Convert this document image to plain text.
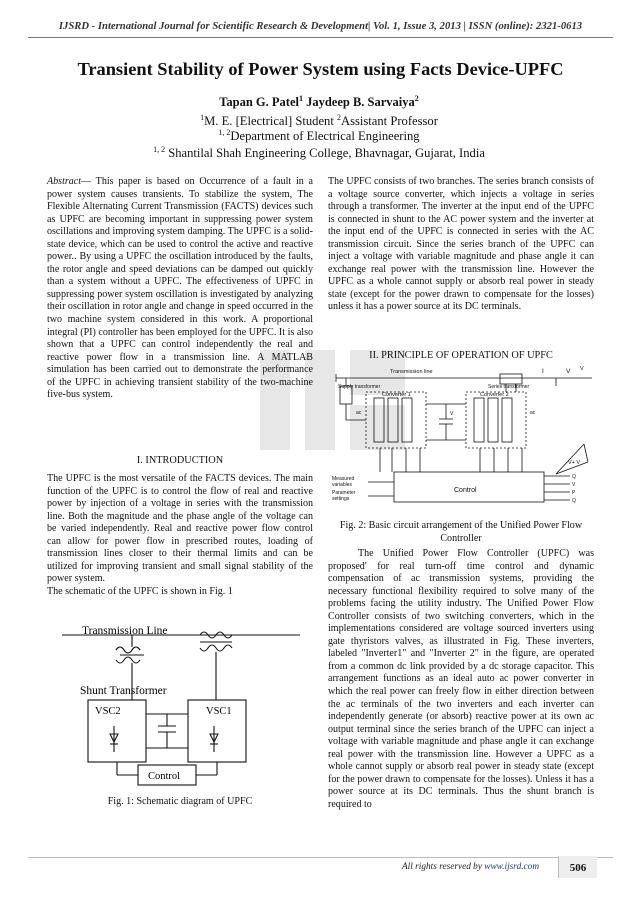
IJSRD - International Journal for Scientific Research & Development| Vol. 1, Issue 3, 2013 | ISSN (online): 2321-0613
Transient Stability of Power System using Facts Device-UPFC
Tapan G. Patel$^1$ Jaydeep B. Sarvaiya$^2$
$^1$M. E. [Electrical] Student $^2$Assistant Professor
$^{1, 2}$Department of Electrical Engineering
$^{1, 2}$ Shantilal Shah Engineering College, Bhavnagar, Gujarat, India

Abstract— This paper is based on Occurrence of a fault in a power system causes transients. To stabilize the system, The Flexible Alternating Current Transmission (FACTS) devices such as UPFC are becoming important in suppressing power system oscillations and improving system damping. The UPFC is a solid-state device, which can be used to control the active and reactive power.. By using a UPFC the oscillation introduced by the faults, the rotor angle and speed deviations can be damped out quickly than a system without a UPFC. The effectiveness of UPFC in suppressing power system oscillation is investigated by analyzing their oscillation in rotor angle and change in speed occurred in the two machine system considered in this work. A proportional integral (PI) controller has been employed for the UPFC. It is also shown that a UPFC can control independently the real and reactive power flow in a transmission line. A MATLAB simulation has been carried out to demonstrate the performance of the UPFC in achieving transient stability of the two-machine five-bus system.

I. INTRODUCTION

The UPFC is the most versatile of the FACTS devices. The main function of the UPFC is to control the flow of real and reactive power by injection of a voltage in series with the transmission line. Both the magnitude and the phase angle of the voltage can be varied independently. Real and reactive power flow control can allow for power flow in prescribed routes, loading of transmission lines closer to their thermal limits and can be utilized for improving transient and small signal stability of the power system.

The schematic of the UPFC is shown in Fig. 1

Transmission Line
Shunt Transformer
VSC2	VSC1
Control
Fig. 1: Schematic diagram of UPFC
The UPFC consists of two branches. The series branch consists of a voltage source converter, which injects a voltage in series through a transformer. The inverter at the input end of the UPFC is connected in shunt to the AC power system and the inverter at the input end of the UPFC is connected in series with the AC transmission circuit. Since the series branch of the UPFC can inject a voltage with variable magnitude and phase angle it can exchange real power with the transmission line. However the UPFC as a whole cannot supply or absorb real power in steady state (except for the power drawn to compensate for the losses) unless it has a power source at its DC terminals.
II. PRINCIPLE OF OPERATION OF UPFC
Transmission line
Supply transformer	Series transformer
Converter 1	Converter 2
Control
Measured
variables
Parameter
settings
ac	ac
V
I	V V
V+ V
Q
V
P
Q
Fig. 2: Basic circuit arrangement of the Unified Power Flow Controller
The Unified Power Flow Controller (UPFC) was proposed' for real turn-off time control and dynamic compensation of ac transmission systems, providing the necessary functional flexibility required to solve many of the problems facing the utility industry. The Unified Power Flow Controller consists of two switching converters, which in the implementations considered are voltage sourced inverters using gate thyristors valves, as illustrated in Fig. These inverters, labeled "Inverter1" and "Inverter 2" in the figure, are operated from a common dc link provided by a dc storage capacitor. This arrangement functions as an ideal auto ac power converter in which the real power can freely flow in either direction between the ac terminals of the two inverters and each inverter can independently generate (or absorb) reactive power at its own ac output terminal since the series branch of the UPFC can inject a voltage with variable magnitude and phase angle it can exchange real power with the transmission line. However a UPFC as a whole cannot supply or absorb real power in steady state (except for the power drawn to compensate for the losses). Unless it has a power source at its DC terminals. Thus the shunt branch is required to
All rights reserved by www.ijsrd.com	506
